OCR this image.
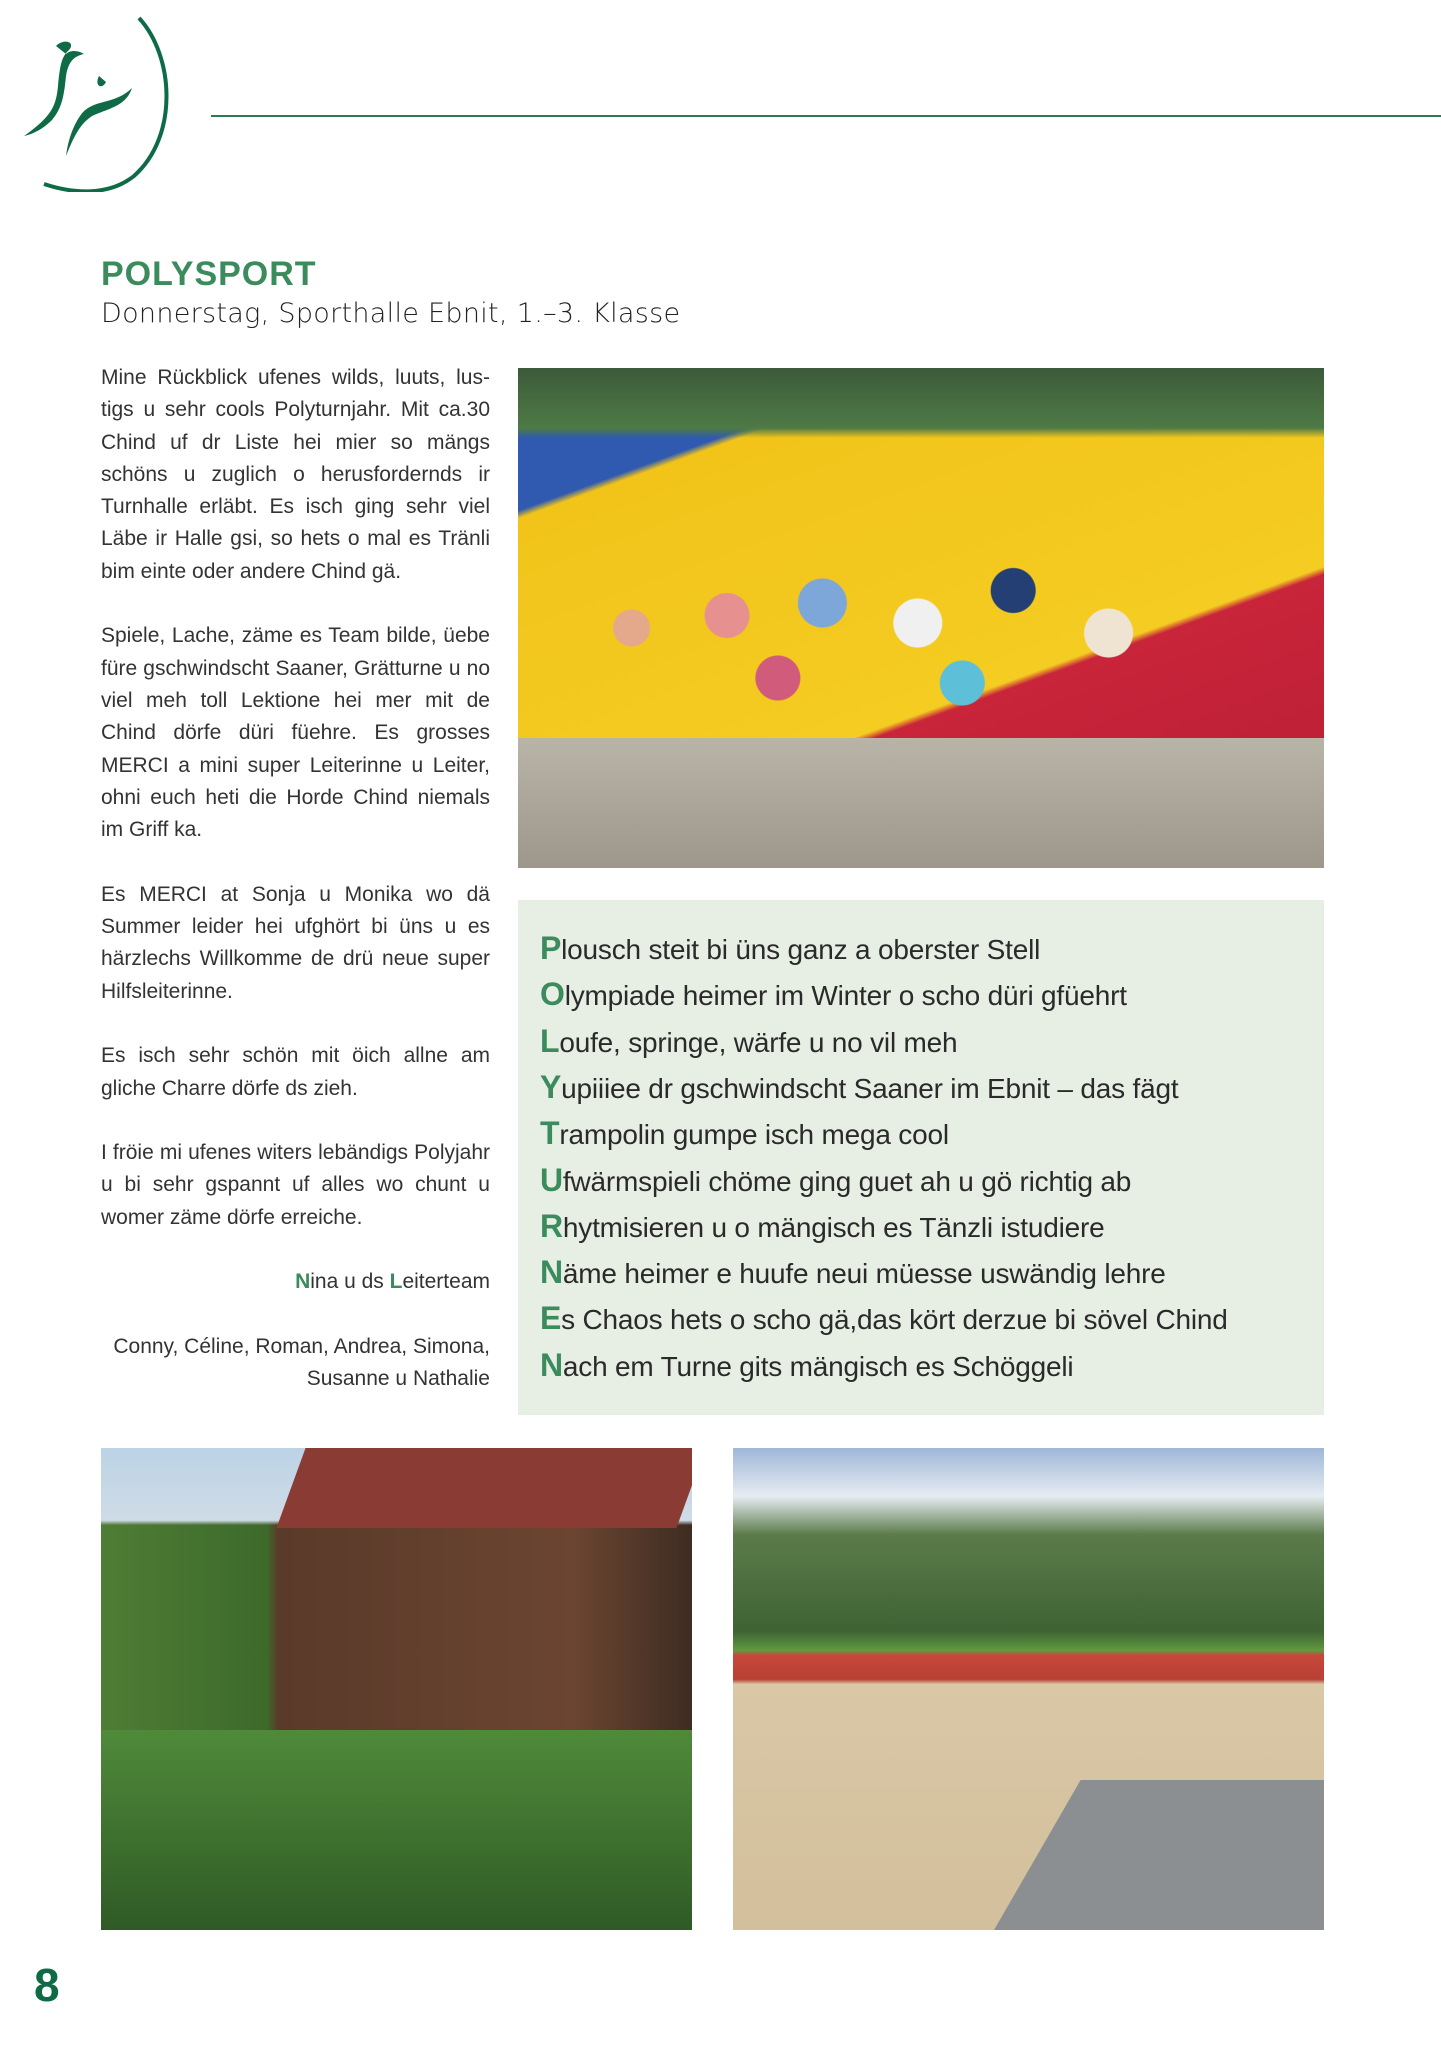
POLYSPORT
Donnerstag, Sporthalle Ebnit, 1.–3. Klasse

Mine Rückblick ufenes wilds, luuts, lustigs u sehr cools Polyturnjahr. Mit ca.30 Chind uf dr Liste hei mier so mängs schöns u zuglich o herusfordernds ir Turnhalle erläbt. Es isch ging sehr viel Läbe ir Halle gsi, so hets o mal es Tränli bim einte oder andere Chind gä.

Spiele, Lache, zäme es Team bilde, üebe füre gschwindscht Saaner, Grätturne u no viel meh toll Lektione hei mer mit de Chind dörfe düri füehre. Es grosses MERCI a mini super Leiterinne u Leiter, ohni euch heti die Horde Chind niemals im Griff ka.

Es MERCI at Sonja u Monika wo dä Summer leider hei ufghört bi üns u es härzlechs Willkomme de drü neue super Hilfsleiterinne.

Es isch sehr schön mit öich allne am gliche Charre dörfe ds zieh.

I fröie mi ufenes witers lebändigs Polyjahr u bi sehr gspannt uf alles wo chunt u womer zäme dörfe erreiche.

Nina u ds Leiterteam

Conny, Céline, Roman, Andrea, Simona, Susanne u Nathalie

Plousch steit bi üns ganz a oberster Stell
Olympiade heimer im Winter o scho düri gfüehrt
Loufe, springe, wärfe u no vil meh
Yupiiiee dr gschwindscht Saaner im Ebnit – das fägt
Trampolin gumpe isch mega cool
Ufwärmspieli chöme ging guet ah u gö richtig ab
Rhytmisieren u o mängisch es Tänzli istudiere
Näme heimer e huufe neui müesse uswändig lehre
Es Chaos hets o scho gä,das kört derzue bi sövel Chind
Nach em Turne gits mängisch es Schöggeli
8
